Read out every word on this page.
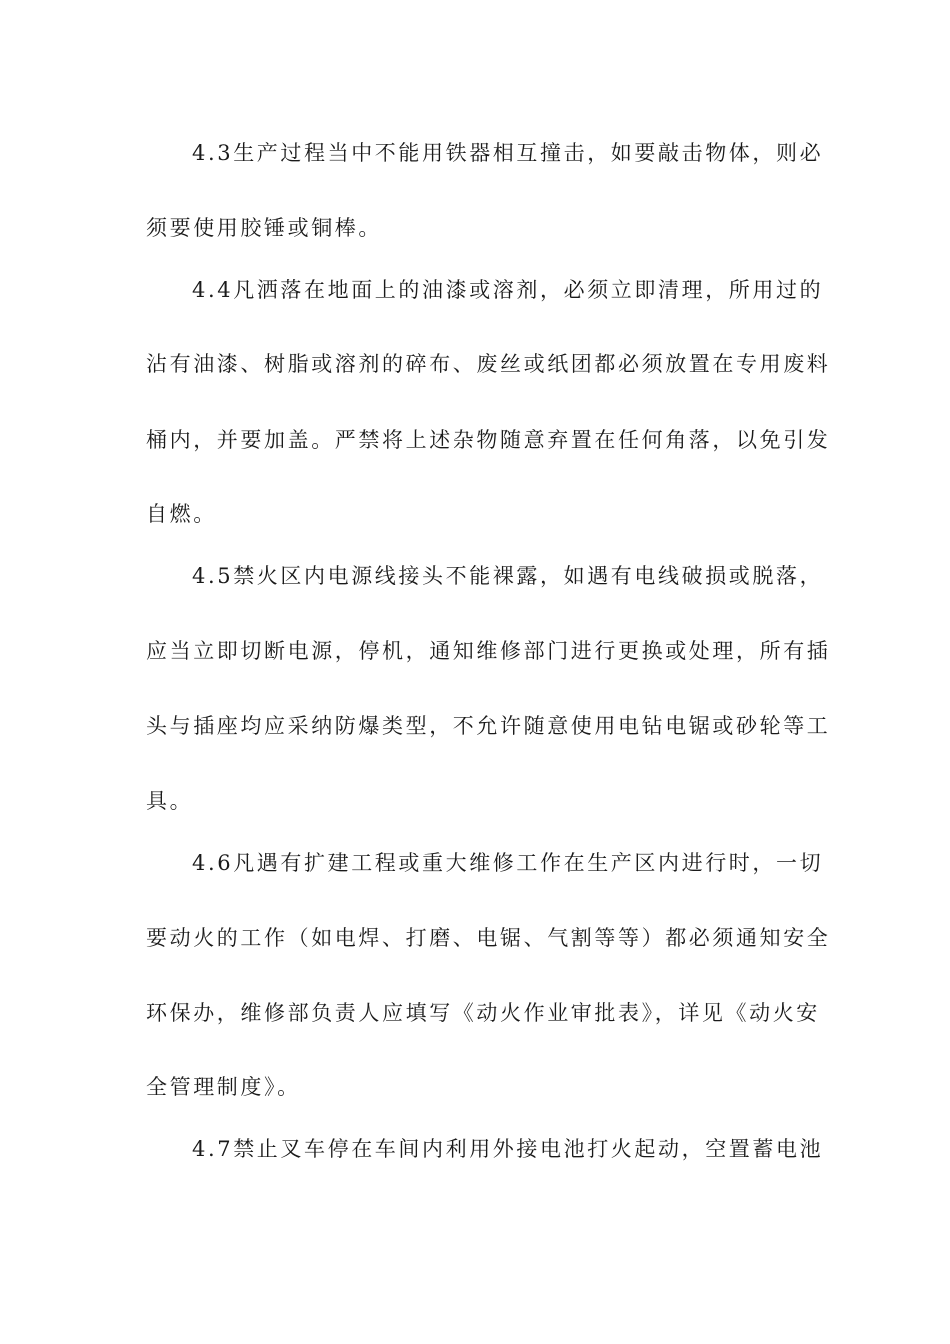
4.3生产过程当中不能用铁器相互撞击，如要敲击物体，则必
须要使用胶锤或铜棒。
4.4凡洒落在地面上的油漆或溶剂，必须立即清理，所用过的
沾有油漆、树脂或溶剂的碎布、废丝或纸团都必须放置在专用废料
桶内，并要加盖。严禁将上述杂物随意弃置在任何角落，以免引发
自燃。
4.5禁火区内电源线接头不能裸露，如遇有电线破损或脱落，
应当立即切断电源，停机，通知维修部门进行更换或处理，所有插
头与插座均应采纳防爆类型，不允许随意使用电钻电锯或砂轮等工
具。
4.6凡遇有扩建工程或重大维修工作在生产区内进行时，一切
要动火的工作（如电焊、打磨、电锯、气割等等）都必须通知安全
环保办，维修部负责人应填写《动火作业审批表》，详见《动火安
全管理制度》。
4.7禁止叉车停在车间内利用外接电池打火起动，空置蓄电池
